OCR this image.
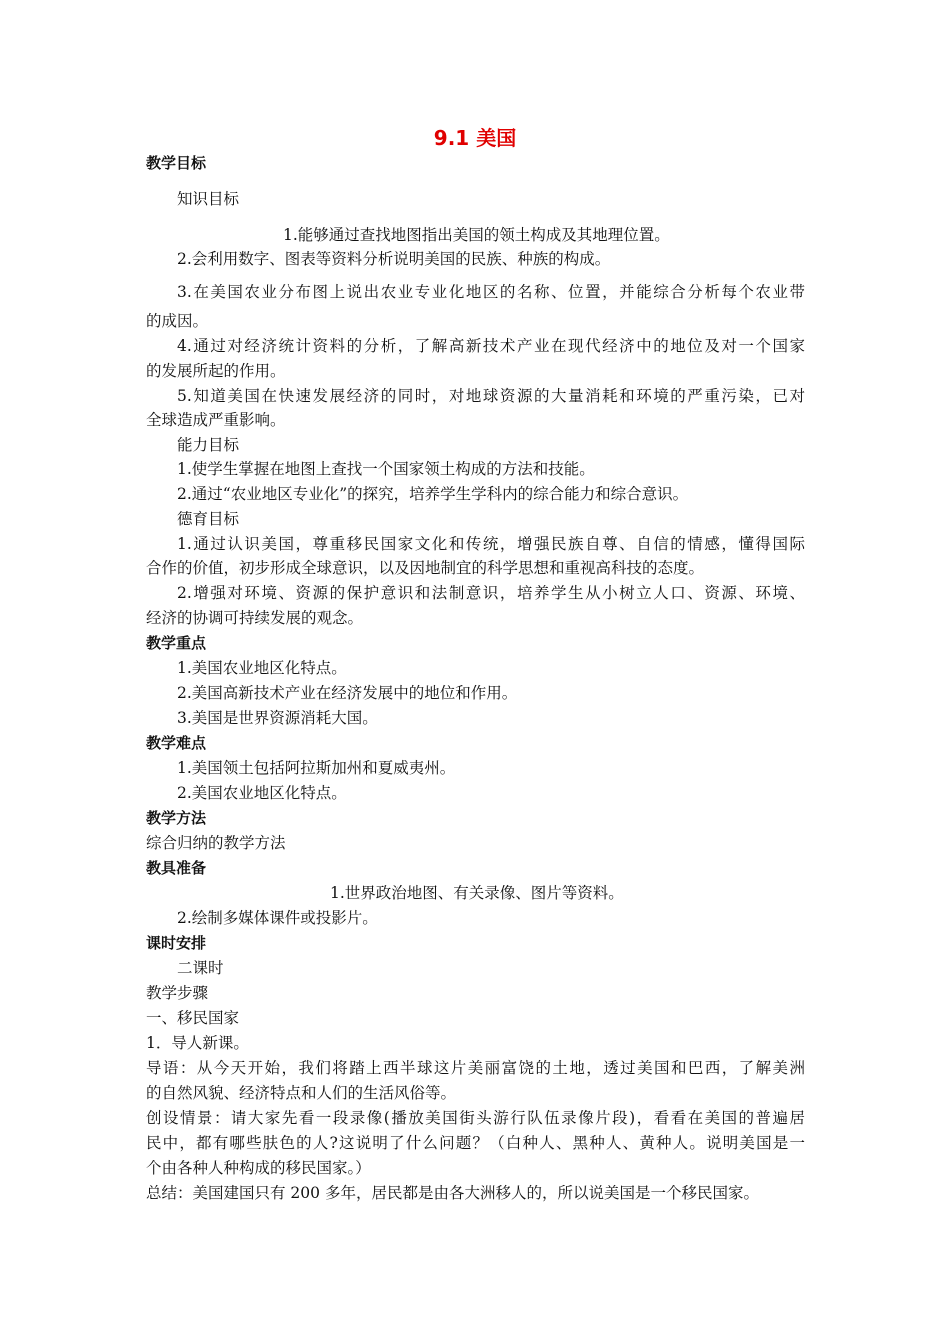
9.1 美国
教学目标
知识目标
1.能够通过查找地图指出美国的领土构成及其地理位置。
2.会利用数字、图表等资料分析说明美国的民族、种族的构成。
3.在美国农业分布图上说出农业专业化地区的名称、位置，并能综合分析每个农业带
的成因。
4.通过对经济统计资料的分析，了解高新技术产业在现代经济中的地位及对一个国家
的发展所起的作用。
5.知道美国在快速发展经济的同时，对地球资源的大量消耗和环境的严重污染，已对
全球造成严重影响。
能力目标
1.使学生掌握在地图上查找一个国家领土构成的方法和技能。
2.通过“农业地区专业化”的探究，培养学生学科内的综合能力和综合意识。
德育目标
1.通过认识美国，尊重移民国家文化和传统，增强民族自尊、自信的情感，懂得国际
合作的价值，初步形成全球意识，以及因地制宜的科学思想和重视高科技的态度。
2.增强对环境、资源的保护意识和法制意识，培养学生从小树立人口、资源、环境、
经济的协调可持续发展的观念。
教学重点
1.美国农业地区化特点。
2.美国高新技术产业在经济发展中的地位和作用。
3.美国是世界资源消耗大国。
教学难点
1.美国领土包括阿拉斯加州和夏威夷州。
2.美国农业地区化特点。
教学方法
综合归纳的教学方法
教具准备
1.世界政治地图、有关录像、图片等资料。
2.绘制多媒体课件或投影片。
课时安排
二课时
教学步骤
一、移民国家
1．导人新课。
导语：从今天开始，我们将踏上西半球这片美丽富饶的土地，透过美国和巴西，了解美洲
的自然风貌、经济特点和人们的生活风俗等。
创设情景：请大家先看一段录像(播放美国街头游行队伍录像片段)，看看在美国的普遍居
民中，都有哪些肤色的人?这说明了什么问题？（白种人、黑种人、黄种人。说明美国是一
个由各种人种构成的移民国家。）
总结：美国建国只有 200 多年，居民都是由各大洲移人的，所以说美国是一个移民国家。
